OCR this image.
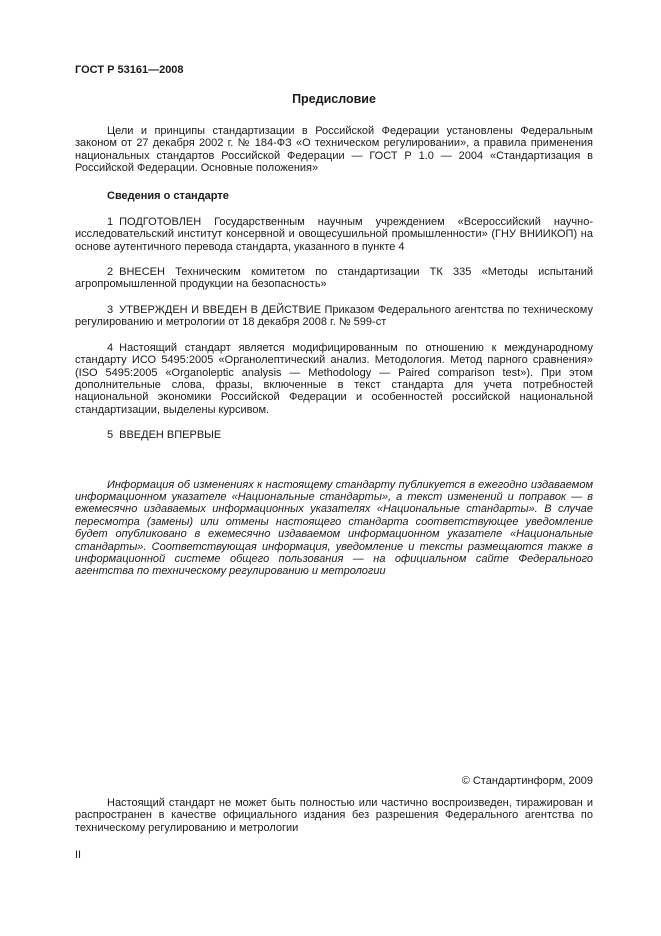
ГОСТ Р 53161—2008
Предисловие

Цели и принципы стандартизации в Российской Федерации установлены Федеральным законом от 27 декабря 2002 г. № 184-ФЗ «О техническом регулировании», а правила применения национальных стандартов Российской Федерации — ГОСТ Р 1.0 — 2004 «Стандартизация в Российской Федерации. Основные положения»

Сведения о стандарте

1 ПОДГОТОВЛЕН Государственным научным учреждением «Всероссийский научно-исследовательский институт консервной и овощесушильной промышленности» (ГНУ ВНИИКОП) на основе аутентичного перевода стандарта, указанного в пункте 4

2 ВНЕСЕН Техническим комитетом по стандартизации ТК 335 «Методы испытаний агропромышленной продукции на безопасность»

3 УТВЕРЖДЕН И ВВЕДЕН В ДЕЙСТВИЕ Приказом Федерального агентства по техническому регулированию и метрологии от 18 декабря 2008 г. № 599-ст

4 Настоящий стандарт является модифицированным по отношению к международному стандарту ИСО 5495:2005 «Органолептический анализ. Методология. Метод парного сравнения» (ISO 5495:2005 «Organoleptic analysis — Methodology — Paired comparison test»). При этом дополнительные слова, фразы, включенные в текст стандарта для учета потребностей национальной экономики Российской Федерации и особенностей российской национальной стандартизации, выделены курсивом.

5 ВВЕДЕН ВПЕРВЫЕ

Информация об изменениях к настоящему стандарту публикуется в ежегодно издаваемом информационном указателе «Национальные стандарты», а текст изменений и поправок — в ежемесячно издаваемых информационных указателях «Национальные стандарты». В случае пересмотра (замены) или отмены настоящего стандарта соответствующее уведомление будет опубликовано в ежемесячно издаваемом информационном указателе «Национальные стандарты». Соответствующая информация, уведомление и тексты размещаются также в информационной системе общего пользования — на официальном сайте Федерального агентства по техническому регулированию и метрологии

© Стандартинформ, 2009
Настоящий стандарт не может быть полностью или частично воспроизведен, тиражирован и распространен в качестве официального издания без разрешения Федерального агентства по техническому регулированию и метрологии
II
